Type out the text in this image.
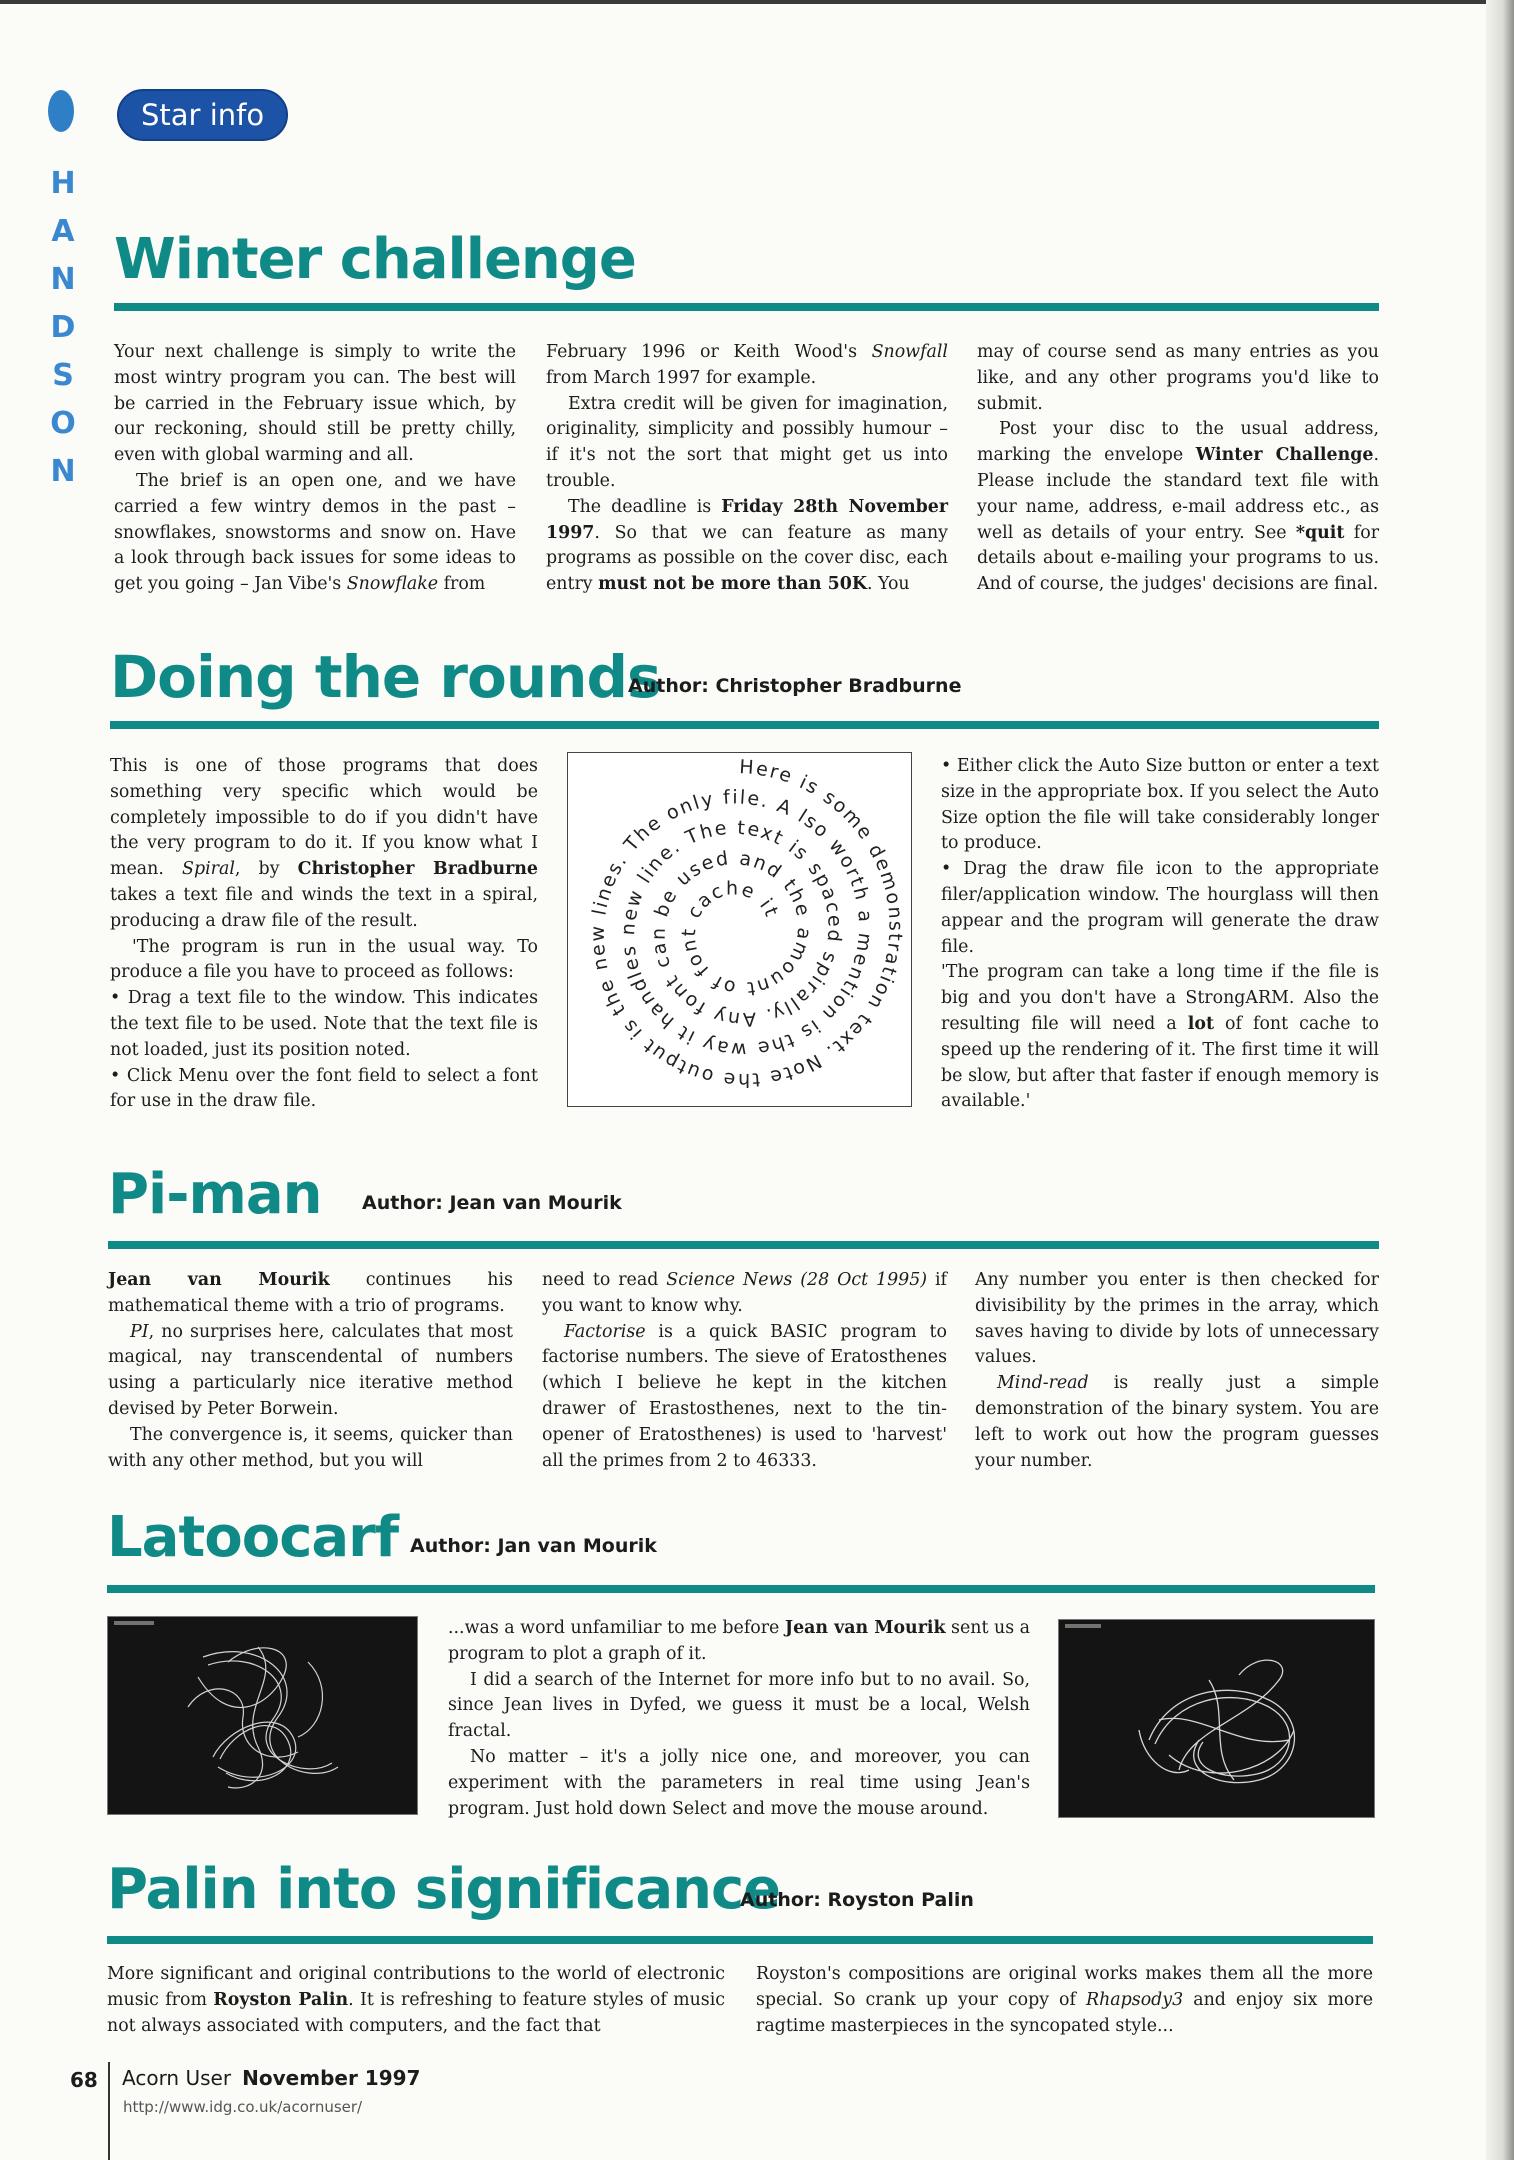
H
A
N
D
S
O
N
Star info
Winter challenge

Your next challenge is simply to write the most wintry program you can. The best will be carried in the February issue which, by our reckoning, should still be pretty chilly, even with global warming and all.

The brief is an open one, and we have carried a few wintry demos in the past – snowflakes, snowstorms and snow on. Have a look through back issues for some ideas to get you going – Jan Vibe's Snowflake from

February 1996 or Keith Wood's Snowfall from March 1997 for example.

Extra credit will be given for imagination, originality, simplicity and possibly humour – if it's not the sort that might get us into trouble.

The deadline is Friday 28th November 1997. So that we can feature as many programs as possible on the cover disc, each entry must not be more than 50K. You

may of course send as many entries as you like, and any other programs you'd like to submit.

Post your disc to the usual address, marking the envelope Winter Challenge. Please include the standard text file with your name, address, e-mail address etc., as well as details of your entry. See *quit for details about e-mailing your programs to us. And of course, the judges' decisions are final.

Doing the rounds
Author: Christopher Bradburne

This is one of those programs that does something very specific which would be completely impossible to do if you didn't have the very program to do it. If you know what I mean. Spiral, by Christopher Bradburne takes a text file and winds the text in a spiral, producing a draw file of the result.

'The program is run in the usual way. To produce a file you have to proceed as follows:

• Drag a text file to the window. This indicates the text file to be used. Note that the text file is not loaded, just its position noted.

• Click Menu over the font field to select a font for use in the draw file.

Here is some demonstration text. Note the output is the new lines. The only file. A lso worth a mention is the way it handles new line. The text is spaced spirally. Any font can be used and the amount of font cache it

• Either click the Auto Size button or enter a text size in the appropriate box. If you select the Auto Size option the file will take considerably longer to produce.

• Drag the draw file icon to the appropriate filer/application window. The hourglass will then appear and the program will generate the draw file.

'The program can take a long time if the file is big and you don't have a StrongARM. Also the resulting file will need a lot of font cache to speed up the rendering of it. The first time it will be slow, but after that faster if enough memory is available.'

Pi-man Author: Jean van Mourik

Jean van Mourik continues his mathematical theme with a trio of programs.

PI, no surprises here, calculates that most magical, nay transcendental of numbers using a particularly nice iterative method devised by Peter Borwein.

The convergence is, it seems, quicker than with any other method, but you will

need to read Science News (28 Oct 1995) if you want to know why.

Factorise is a quick BASIC program to factorise numbers. The sieve of Eratosthenes (which I believe he kept in the kitchen drawer of Erastosthenes, next to the tin-opener of Eratosthenes) is used to 'harvest' all the primes from 2 to 46333.

Any number you enter is then checked for divisibility by the primes in the array, which saves having to divide by lots of unnecessary values.

Mind-read is really just a simple demonstration of the binary system. You are left to work out how the program guesses your number.

Latoocarf Author: Jan van Mourik

...was a word unfamiliar to me before Jean van Mourik sent us a program to plot a graph of it.

I did a search of the Internet for more info but to no avail. So, since Jean lives in Dyfed, we guess it must be a local, Welsh fractal.

No matter – it's a jolly nice one, and moreover, you can experiment with the parameters in real time using Jean's program. Just hold down Select and move the mouse around.

Palin into significance
Author: Royston Palin

More significant and original contributions to the world of electronic music from Royston Palin. It is refreshing to feature styles of music not always associated with computers, and the fact that

Royston's compositions are original works makes them all the more special. So crank up your copy of Rhapsody3 and enjoy six more ragtime masterpieces in the syncopated style...

68 Acorn User November 1997
http://www.idg.co.uk/acornuser/
